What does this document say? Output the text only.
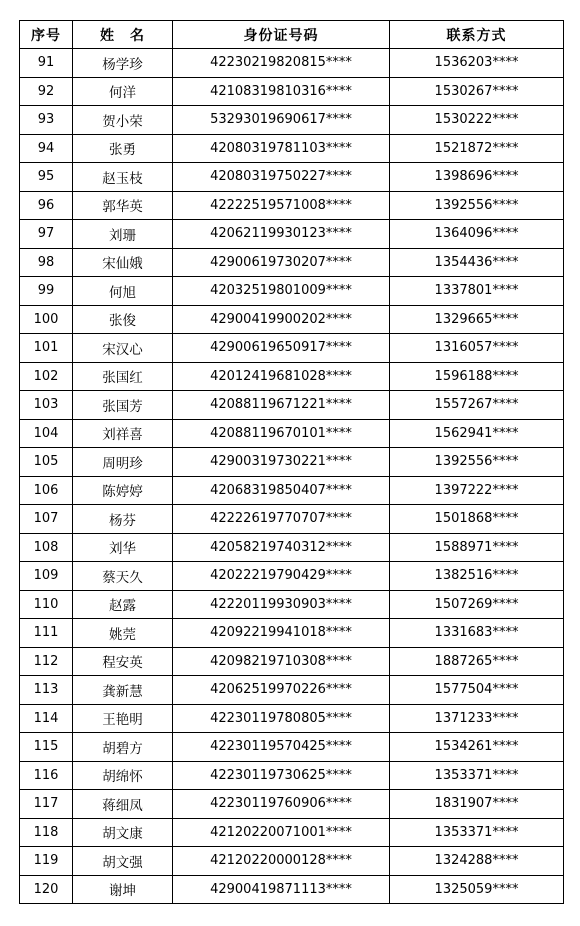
序号	姓　名	身份证号码	联系方式
91	杨学珍	42230219820815****	1536203****
92	何洋	42108319810316****	1530267****
93	贺小荣	53293019690617****	1530222****
94	张勇	42080319781103****	1521872****
95	赵玉枝	42080319750227****	1398696****
96	郭华英	42222519571008****	1392556****
97	刘珊	42062119930123****	1364096****
98	宋仙娥	42900619730207****	1354436****
99	何旭	42032519801009****	1337801****
100	张俊	42900419900202****	1329665****
101	宋汉心	42900619650917****	1316057****
102	张国红	42012419681028****	1596188****
103	张国芳	42088119671221****	1557267****
104	刘祥喜	42088119670101****	1562941****
105	周明珍	42900319730221****	1392556****
106	陈婷婷	42068319850407****	1397222****
107	杨芬	42222619770707****	1501868****
108	刘华	42058219740312****	1588971****
109	蔡天久	42022219790429****	1382516****
110	赵露	42220119930903****	1507269****
111	姚莞	42092219941018****	1331683****
112	程安英	42098219710308****	1887265****
113	龚新慧	42062519970226****	1577504****
114	王艳明	42230119780805****	1371233****
115	胡碧方	42230119570425****	1534261****
116	胡绵怀	42230119730625****	1353371****
117	蒋细凤	42230119760906****	1831907****
118	胡文康	42120220071001****	1353371****
119	胡文强	42120220000128****	1324288****
120	谢坤	42900419871113****	1325059****
